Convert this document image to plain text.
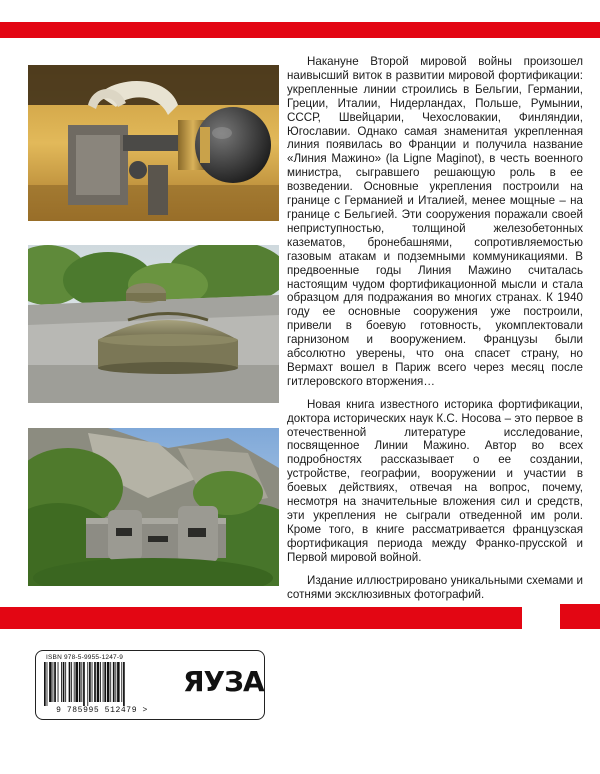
Накануне Второй мировой войны произошел наивысший виток в развитии мировой фортификации: укрепленные линии строились в Бельгии, Германии, Греции, Италии, Нидерландах, Польше, Румынии, СССР, Швейцарии, Чехословакии, Финляндии, Югославии. Однако самая знаменитая укрепленная линия появилась во Франции и получила название «Линия Мажино» (la Ligne Maginot), в честь военного министра, сыгравшего решающую роль в ее возведении. Основные укрепления построили на границе с Германией и Италией, менее мощные – на границе с Бельгией. Эти сооружения поражали своей неприступностью, толщиной железобетонных казематов, бронебашнями, сопротивляемостью газовым атакам и подземными коммуникациями. В предвоенные годы Линия Мажино считалась настоящим чудом фортификационной мысли и стала образцом для подражания во многих странах. К 1940 году ее основные сооружения уже построили, привели в боевую готовность, укомплектовали гарнизоном и вооружением. Французы были абсолютно уверены, что она спасет страну, но Вермахт вошел в Париж всего через месяц после гитлеровского вторжения…

Новая книга известного историка фортификации, доктора исторических наук К.С. Носова – это первое в отечественной литературе исследование, посвященное Линии Мажино. Автор во всех подробностях рассказывает о ее создании, устройстве, географии, вооружении и участии в боевых действиях, отвечая на вопрос, почему, несмотря на значительные вложения сил и средств, эти укрепления не сыграли отведенной им роли. Кроме того, в книге рассматривается французская фортификация периода между Франко-прусской и Первой мировой войной.

Издание иллюстрировано уникальными схемами и сотнями эксклюзивных фотографий.

ISBN 978-5-9955-1247-9
9 785995 512479 >
ЯУЗА
